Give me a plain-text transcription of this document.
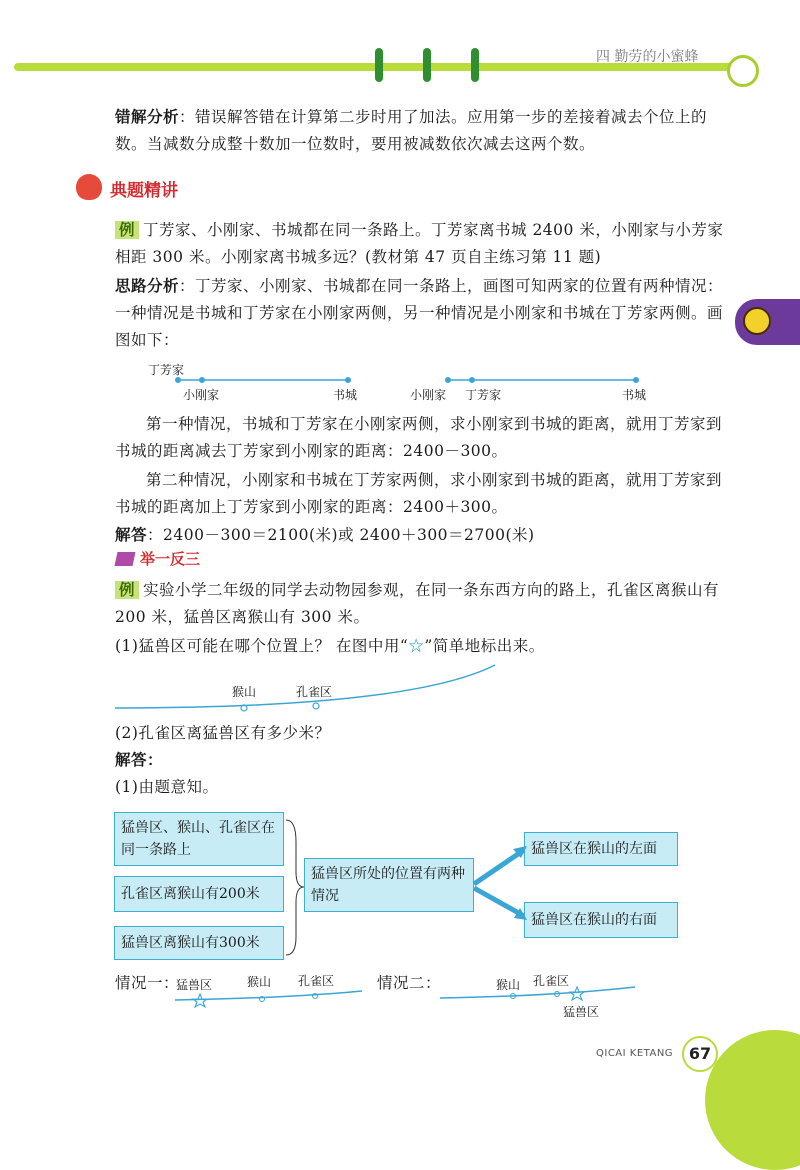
四 勤劳的小蜜蜂
错解分析：错误解答错在计算第二步时用了加法。应用第一步的差接着减去个位上的数。当减数分成整十数加一位数时，要用被减数依次减去这两个数。
典题精讲
例 丁芳家、小刚家、书城都在同一条路上。丁芳家离书城 2400 米，小刚家与小芳家相距 300 米。小刚家离书城多远？(教材第 47 页自主练习第 11 题)
思路分析：丁芳家、小刚家、书城都在同一条路上，画图可知两家的位置有两种情况：一种情况是书城和丁芳家在小刚家两侧，另一种情况是小刚家和书城在丁芳家两侧。画图如下：
丁芳家
小刚家	书城	小刚家 丁芳家	书城
第一种情况，书城和丁芳家在小刚家两侧，求小刚家到书城的距离，就用丁芳家到书城的距离减去丁芳家到小刚家的距离：2400－300。
第二种情况，小刚家和书城在丁芳家两侧，求小刚家到书城的距离，就用丁芳家到书城的距离加上丁芳家到小刚家的距离：2400＋300。
解答：2400－300＝2100(米)或 2400＋300＝2700(米)
举一反三
例 实验小学二年级的同学去动物园参观，在同一条东西方向的路上，孔雀区离猴山有 200 米，猛兽区离猴山有 300 米。
(1)猛兽区可能在哪个位置上？ 在图中用“☆”简单地标出来。
猴山	孔雀区
(2)孔雀区离猛兽区有多少米？
解答：
(1)由题意知。
猛兽区、猴山、孔雀区在同一条路上
孔雀区离猴山有200米
猛兽区离猴山有300米
猛兽区所处的位置有两种情况
猛兽区在猴山的左面
猛兽区在猴山的右面
情况一：
猛兽区	猴山 孔雀区	情况二：	猴山 孔雀区
猛兽区
QICAI KETANG 67
